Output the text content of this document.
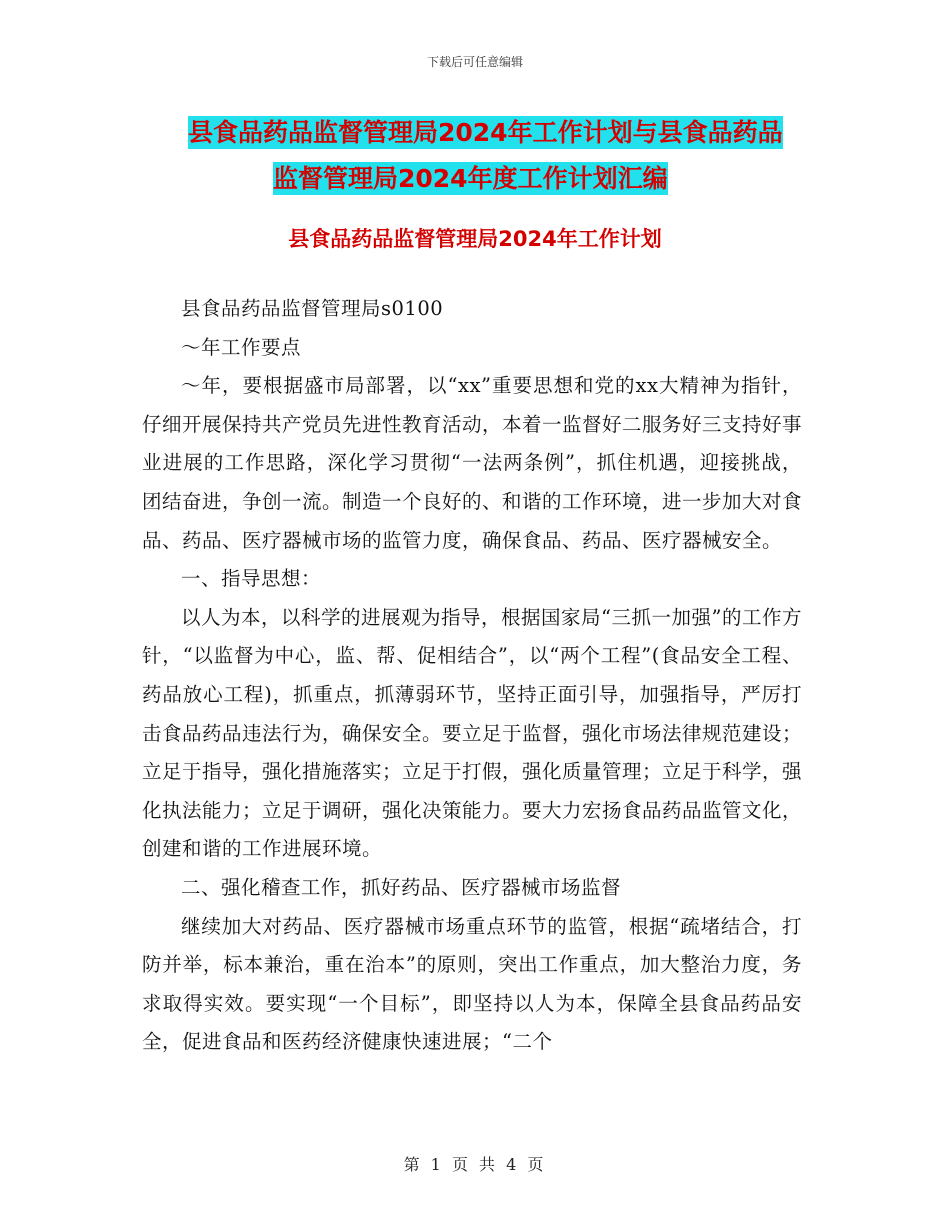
下载后可任意编辑
县食品药品监督管理局2024年工作计划与县食品药品
监督管理局2024年度工作计划汇编
县食品药品监督管理局2024年工作计划

县食品药品监督管理局s0100

～年工作要点

～年，要根据盛市局部署，以“xx”重要思想和党的xx大精神为指针，仔细开展保持共产党员先进性教育活动，本着一监督好二服务好三支持好事业进展的工作思路，深化学习贯彻“一法两条例”，抓住机遇，迎接挑战，团结奋进，争创一流。制造一个良好的、和谐的工作环境，进一步加大对食品、药品、医疗器械市场的监管力度，确保食品、药品、医疗器械安全。

一、指导思想：

以人为本，以科学的进展观为指导，根据国家局“三抓一加强”的工作方针，“以监督为中心，监、帮、促相结合”，以“两个工程”(食品安全工程、药品放心工程)，抓重点，抓薄弱环节，坚持正面引导，加强指导，严厉打击食品药品违法行为，确保安全。要立足于监督，强化市场法律规范建设；立足于指导，强化措施落实；立足于打假，强化质量管理；立足于科学，强化执法能力；立足于调研，强化决策能力。要大力宏扬食品药品监管文化，创建和谐的工作进展环境。

二、强化稽查工作，抓好药品、医疗器械市场监督

继续加大对药品、医疗器械市场重点环节的监管，根据“疏堵结合，打防并举，标本兼治，重在治本”的原则，突出工作重点，加大整治力度，务求取得实效。要实现“一个目标”，即坚持以人为本，保障全县食品药品安全，促进食品和医药经济健康快速进展；“二个

第 1 页 共 4 页
